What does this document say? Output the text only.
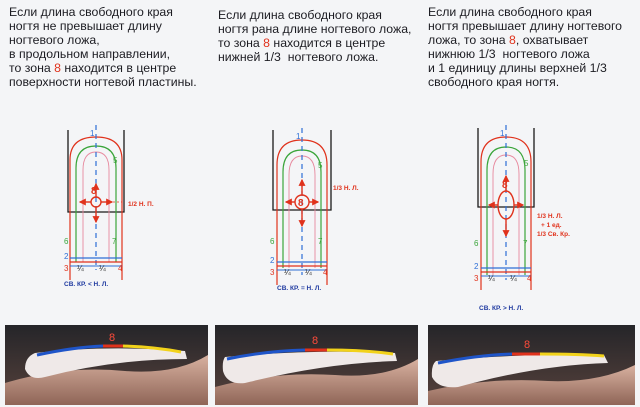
Если длина свободного края
ногтя не превышает длину
ногтевого ложа,
в продольном направлении,
то зона 8 находится в центре
поверхности ногтевой пластины.
Если длина свободного края
ногтя рана длине ногтевого ложа,
то зона 8 находится в центре
нижней 1/3  ногтевого ложа.
Если длина свободного края
ногтя превышает длину ногтевого
ложа, то зона 8, охватывает
нижнюю 1/3  ногтевого ложа
и 1 единицу длины верхней 1/3
свободного края ногтя.
8
1
5
6	7
2
3	4
¼ ¼
1/2 Н. П.
СВ. КР. < Н. Л.
8
1
5
6	7
2
3	4
¼ ¼
1/3 Н. Л.
СВ. КР. = Н. Л.
8
1
5
6	7
2
3	4
¼ ¼
1/3 Н. Л.
+ 1 ед.
1/3 Св. Кр.
СВ. КР. > Н. Л.
8	8	8
